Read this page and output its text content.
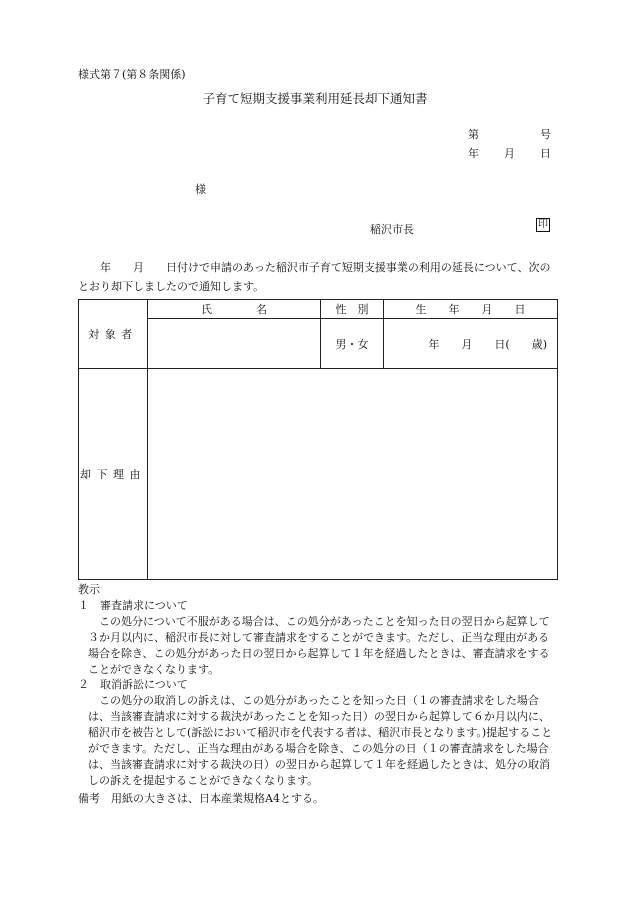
様式第７(第８条関係)
子育て短期支援事業利用延長却下通知書
第	号
年 月 日
様
稲沢市長	印
　　年　　月　　日付けで申請のあった稲沢市子育て短期支援事業の利用の延長について、次のとおり却下しましたので通知します。
対象者	氏　　　　名	性　別	生　　年　　月　　日
		男・女	年　　月　　日(　　歳)
却下理由			
教示
１　審査請求について
この処分について不服がある場合は、この処分があったことを知った日の翌日から起算して３か月以内に、稲沢市長に対して審査請求をすることができます。ただし、正当な理由がある場合を除き、この処分があった日の翌日から起算して１年を経過したときは、審査請求をすることができなくなります。
２　取消訴訟について
この処分の取消しの訴えは、この処分があったことを知った日（１の審査請求をした場合は、当該審査請求に対する裁決があったことを知った日）の翌日から起算して６か月以内に、稲沢市を被告として(訴訟において稲沢市を代表する者は、稲沢市長となります。)提起することができます。ただし、正当な理由がある場合を除き、この処分の日（１の審査請求をした場合は、当該審査請求に対する裁決の日）の翌日から起算して１年を経過したときは、処分の取消しの訴えを提起することができなくなります。
備考　用紙の大きさは、日本産業規格A4とする。
